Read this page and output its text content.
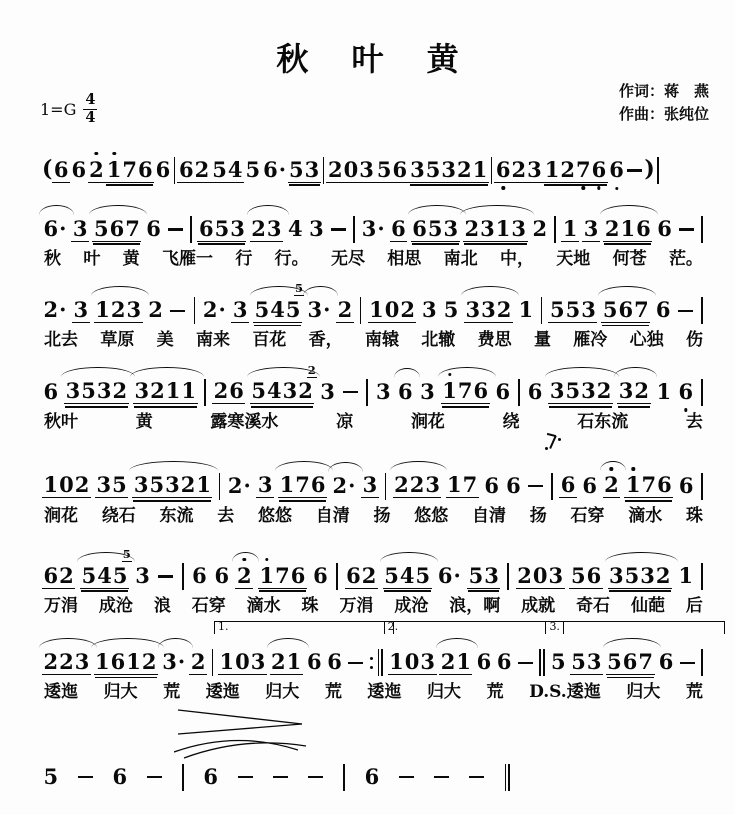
秋 叶 黄
$1=G \frac{4}{4}$
作词：蒋　燕
作曲：张纯位
( 6 6 2 1 7 6 6 6 2 5 4 5 6 · 5 3 2 0 3 5 6 3 5 3 2 1 6 2 3 1 2 7 6 6 )
6 · 3 5 6 7 6 6 5 3 2 3 4 3 3 · 6 6 5 3 2 3 1 3 2 1 3 2 1 6 6
秋 叶 黄 飞雁一 行 行。 无尽 相思 南北 中， 天地 何苍 茫。
2 · 3 1 2 3 2 2 · 3 5 4 5 3 ·
5
2 1 0 2 3 5 3 3 2 1 5 5 3 5 6 7 6
北去 草原 美 南来 百花 香， 南辕 北辙 费思 量 雁冷 心独 伤
6 3 5 3 2 3 2 1 1 2 6 5 4 3 2 3
2
3 6 3 1 7 6 6 6 3 5 3 2 3 2 1 6
秋叶	黄	露寒溪水	凉	涧花	绕	石东流	去
1 0 2 3 5 3 5 3 2 1 2 · 3 1 7 6 2 · 3 2 2 3 1 7 6 6 6 6 2 1 7 6 6
涧花 绕石 东流 去 悠悠 自清 扬 悠悠 自清 扬 石穿 滴水 珠
6 2 5 4 5 3
5
6 6 2 1 7 6 6 6 2 5 4 5 6 · 5 3 2 0 3 5 6 3 5 3 2 1
万涓 成沧 浪 石穿 滴水 珠 万涓 成沧 浪，啊 成就 奇石 仙葩 后
2 2 3 1 6 1 2 3 · 2 1 0 3
1.
2 1 6 6 1 0 3
2.
2 1 6 6 5
3.
5 3 5 6 7 6
逶迤 归大 荒 逶迤 归大 荒 逶迤 归大 荒 D.S.逶迤 归大 荒
5	6	6	6
